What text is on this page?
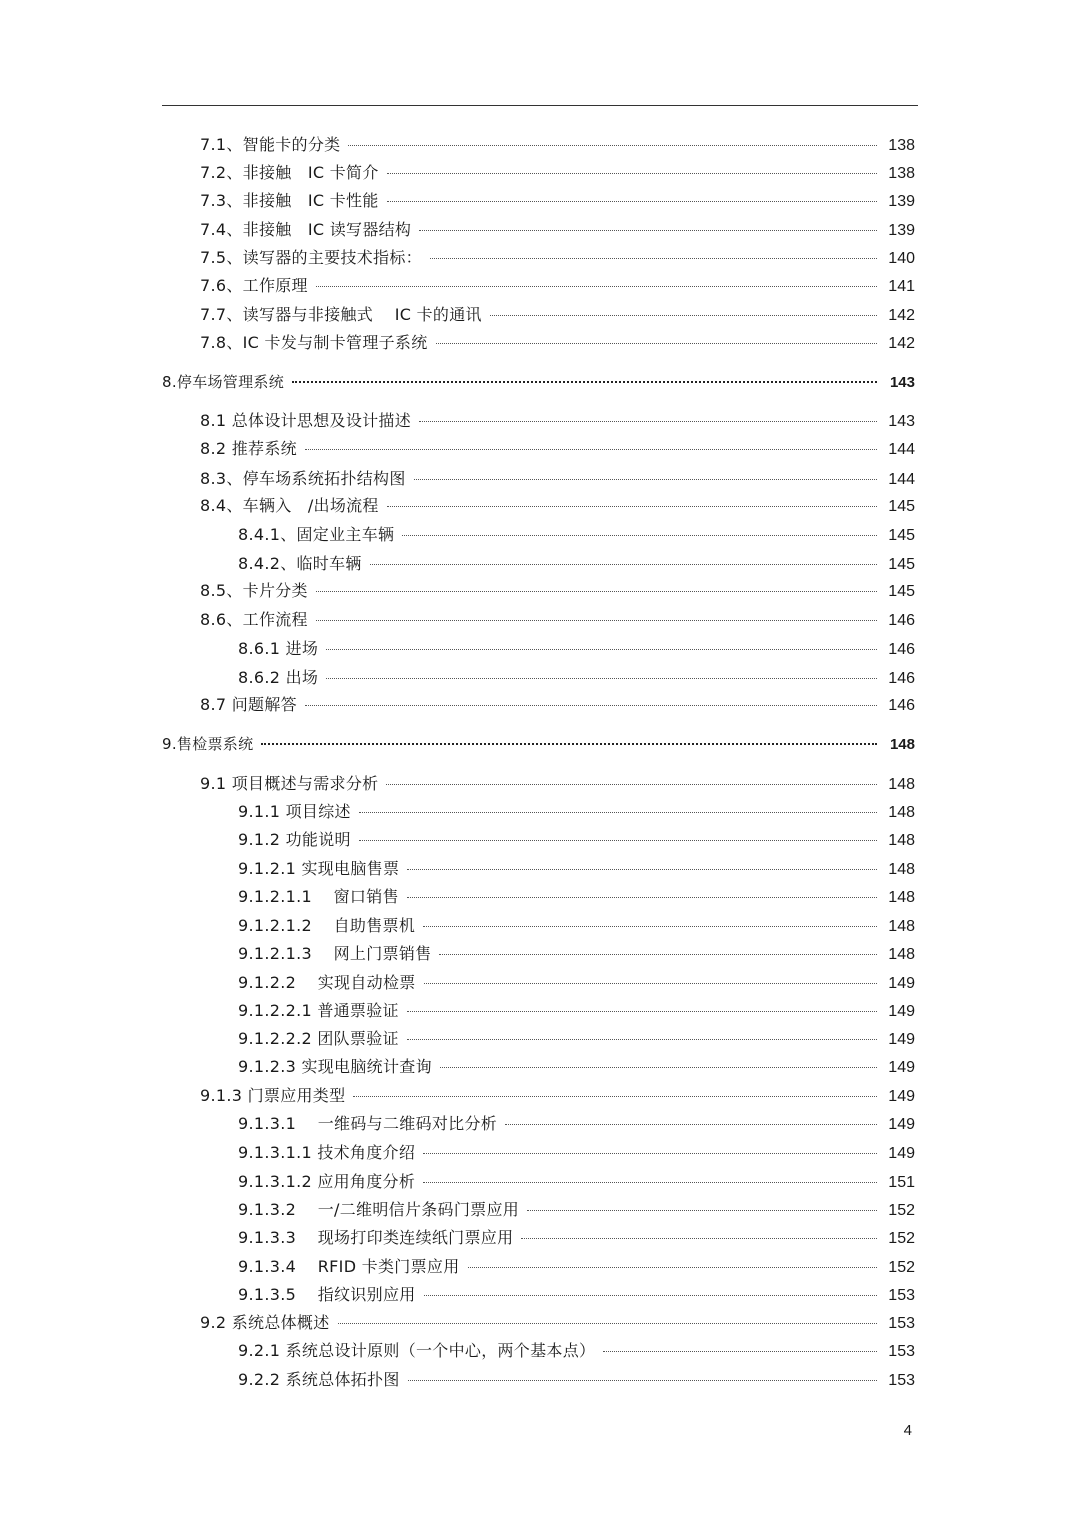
7.1、智能卡的分类	138
7.2、非接触　IC 卡简介	138
7.3、非接触　IC 卡性能	139
7.4、非接触　IC 读写器结构	139
7.5、读写器的主要技术指标：	140
7.6、工作原理	141
7.7、读写器与非接触式　 IC 卡的通讯	142
7.8、IC 卡发与制卡管理子系统	142
8.停车场管理系统	143
8.1 总体设计思想及设计描述	143
8.2 推荐系统	144
8.3、停车场系统拓扑结构图	144
8.4、车辆入　/出场流程	145
8.4.1、固定业主车辆	145
8.4.2、临时车辆	145
8.5、卡片分类	145
8.6、工作流程	146
8.6.1 进场	146
8.6.2 出场	146
8.7 问题解答	146
9.售检票系统	148
9.1 项目概述与需求分析	148
9.1.1 项目综述	148
9.1.2 功能说明	148
9.1.2.1 实现电脑售票	148
9.1.2.1.1　 窗口销售	148
9.1.2.1.2　 自助售票机	148
9.1.2.1.3　 网上门票销售	148
9.1.2.2　 实现自动检票	149
9.1.2.2.1 普通票验证	149
9.1.2.2.2 团队票验证	149
9.1.2.3 实现电脑统计查询	149
9.1.3 门票应用类型	149
9.1.3.1　 一维码与二维码对比分析	149
9.1.3.1.1 技术角度介绍	149
9.1.3.1.2 应用角度分析	151
9.1.3.2　 一/二维明信片条码门票应用	152
9.1.3.3　 现场打印类连续纸门票应用	152
9.1.3.4　 RFID 卡类门票应用	152
9.1.3.5　 指纹识别应用	153
9.2 系统总体概述	153
9.2.1 系统总设计原则（一个中心，两个基本点）	153
9.2.2 系统总体拓扑图	153
4
